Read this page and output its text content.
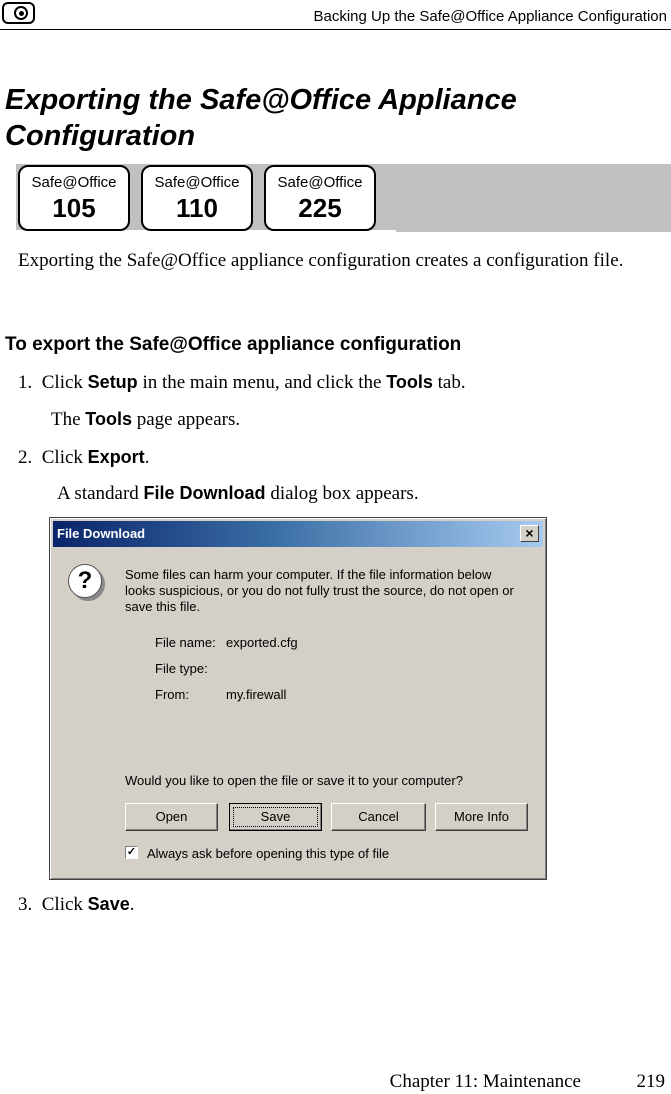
Backing Up the Safe@Office Appliance Configuration
Exporting the Safe@Office Appliance
Configuration
Safe@Office
105
Safe@Office
110
Safe@Office
225
Exporting the Safe@Office appliance configuration creates a configuration file.
To export the Safe@Office appliance configuration
1. Click Setup in the main menu, and click the Tools tab.
The Tools page appears.
2. Click Export.
A standard File Download dialog box appears.
File Download	×
?	Some files can harm your computer. If the file information below
looks suspicious, or you do not fully trust the source, do not open or
save this file.
File name: exported.cfg
File type:
From:	my.firewall
Would you like to open the file or save it to your computer?
Open	Save	Cancel	More Info
✓ Always ask before opening this type of file
3. Click Save.
Chapter 11: Maintenance	219
